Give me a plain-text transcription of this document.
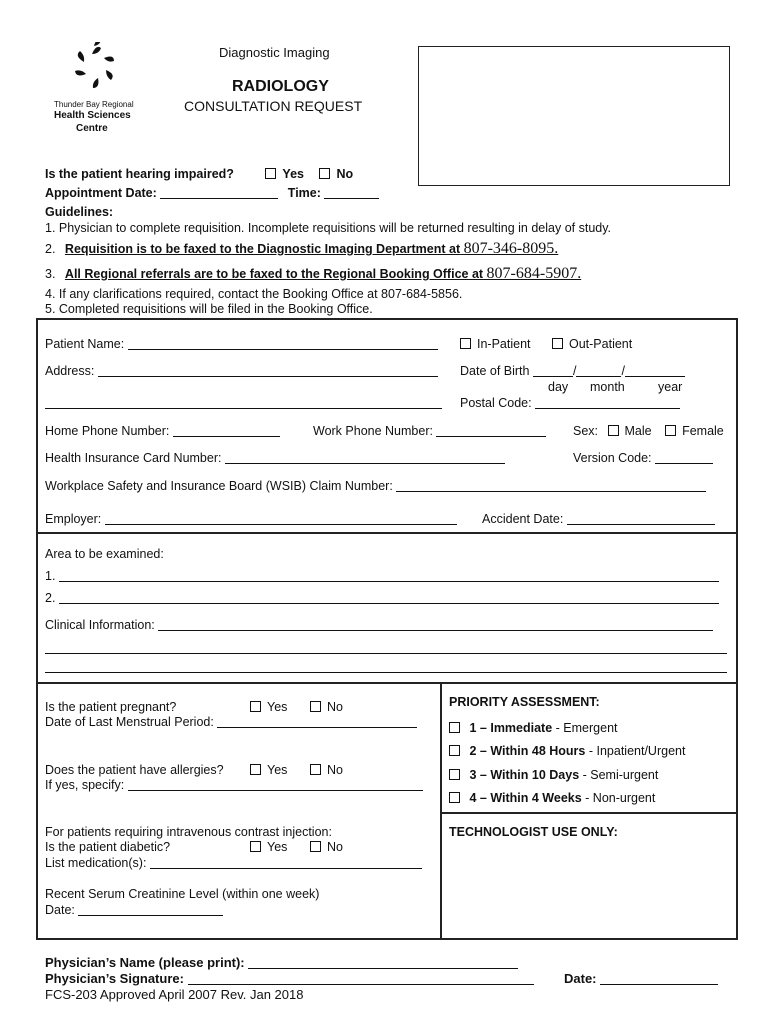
Thunder Bay Regional
Health Sciences
Centre
Diagnostic Imaging
RADIOLOGY
CONSULTATION REQUEST
Is the patient hearing impaired?	Yes	No
Appointment Date:	Time:
Guidelines:
1. Physician to complete requisition. Incomplete requisitions will be returned resulting in delay of study.
2. Requisition is to be faxed to the Diagnostic Imaging Department at 807-346-8095.
3. All Regional referrals are to be faxed to the Regional Booking Office at 807-684-5907.
4. If any clarifications required, contact the Booking Office at 807-684-5856.
5. Completed requisitions will be filed in the Booking Office.
Patient Name:	In-Patient	Out-Patient
Address:	Date of Birth	/	/
day month	year
Postal Code:
Home Phone Number:	Work Phone Number:	Sex: Male Female
Health Insurance Card Number:	Version Code:
Workplace Safety and Insurance Board (WSIB) Claim Number:
Employer:	Accident Date:
Area to be examined:
1.
2.
Clinical Information:
Is the patient pregnant?	Yes	No
Date of Last Menstrual Period:
Does the patient have allergies?	Yes	No
If yes, specify:
For patients requiring intravenous contrast injection:
Is the patient diabetic?	Yes	No
List medication(s):
Recent Serum Creatinine Level (within one week)
Date:
PRIORITY ASSESSMENT:
1 – Immediate - Emergent
2 – Within 48 Hours - Inpatient/Urgent
3 – Within 10 Days - Semi-urgent
4 – Within 4 Weeks - Non-urgent
TECHNOLOGIST USE ONLY:
Physician’s Name (please print):
Physician’s Signature:	Date:
FCS-203 Approved April 2007 Rev. Jan 2018
